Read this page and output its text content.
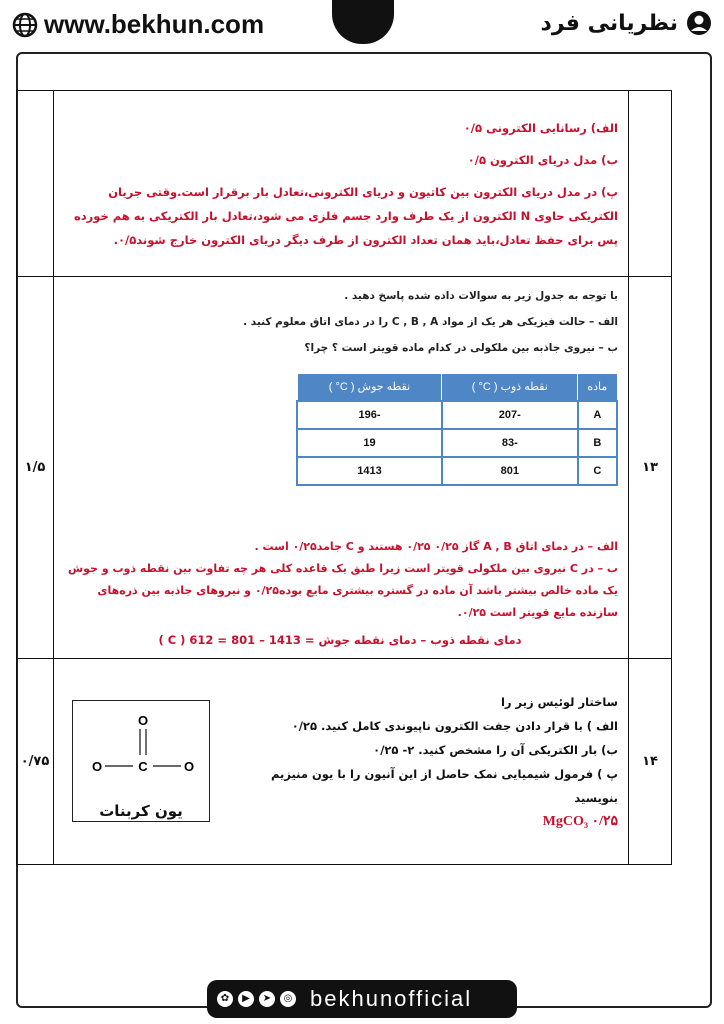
www.bekhun.com	نظریانی فرد

الف) رسانایی الکترونی ۰/۵
ب) مدل دریای الکترون ۰/۵
پ) در مدل دریای الکترون بین کاتیون و دریای الکترونی،تعادل بار برقرار است.وقتی جریان الکتریکی حاوی N الکترون از یک طرف وارد جسم فلزی می شود،تعادل بار الکتریکی به هم خورده پس برای حفظ تعادل،باید همان تعداد الکترون از طرف دیگر دریای الکترون خارج شوند۰/۵.

۱۳	

با توجه به جدول زیر به سوالات داده شده پاسخ دهید .

الف – حالت فیزیکی هر یک از مواد C , B , A را در دمای اتاق معلوم کنید .

ب – نیروی جاذبه بین ملکولی در کدام ماده قویتر است ؟ چرا؟

ماده	نقطه ذوب ( C° )	نقطه جوش ( C° )
A	-207	-196
B	-83	19
C	801	1413

الف – در دمای اتاق A , B گاز ۰/۲۵ ۰/۲۵ هستند و C جامد۰/۲۵ است .

ب – در C نیروی بین ملکولی قویتر است زیرا طبق یک قاعده کلی هر چه تفاوت بین نقطه ذوب و جوش یک ماده خالص بیشتر باشد آن ماده در گستره بیشتری مایع بوده۰/۲۵ و نیروهای جاذبه بین ذره‌های سازنده مایع قویتر است ۰/۲۵.

( C ) 612 = 801 – 1413 = دمای نقطه ذوب – دمای نقطه جوش
	۱/۵
۱۴	
O
C
O	O
یون کربنات
ساختار لوئیس زیر را
الف ) با قرار دادن جفت الکترون ناپیوندی کامل کنید. ۰/۲۵
ب) بار الکتریکی آن را مشخص کنید. ۲- ۰/۲۵
پ ) فرمول شیمیایی نمک حاصل از این آنیون را با یون منیزیم بنویسید
MgCO₃ ۰/۲۵
	۰/۷۵
✿	▶	➤	◎ bekhunofficial
